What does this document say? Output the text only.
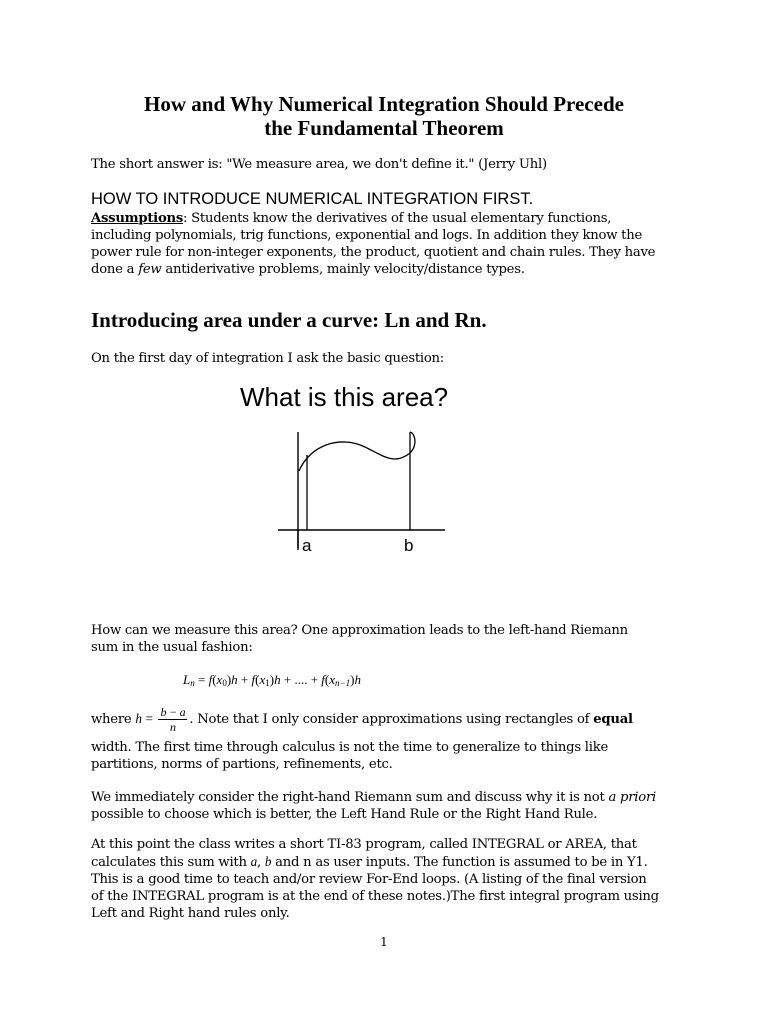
How and Why Numerical Integration Should Precede
the Fundamental Theorem
The short answer is: "We measure area, we don't define it." (Jerry Uhl)
HOW TO INTRODUCE NUMERICAL INTEGRATION FIRST.
Assumptions: Students know the derivatives of the usual elementary functions,
including polynomials, trig functions, exponential and logs. In addition they know the
power rule for non-integer exponents, the product, quotient and chain rules. They have
done a few antiderivative problems, mainly velocity/distance types.
Introducing area under a curve: Ln and Rn.
On the first day of integration I ask the basic question:
What is this area?
a	b
How can we measure this area? One approximation leads to the left-hand Riemann
sum in the usual fashion:
$L_n = f(x_0)h + f(x_1)h$ + .... + $f(x_{n-1})h$
where $h = \frac{b - a}{n}$ . Note that I only consider approximations using rectangles of equal
width. The first time through calculus is not the time to generalize to things like
partitions, norms of partions, refinements, etc.
We immediately consider the right-hand Riemann sum and discuss why it is not a priori
possible to choose which is better, the Left Hand Rule or the Right Hand Rule.
At this point the class writes a short TI-83 program, called INTEGRAL or AREA, that
calculates this sum with a, b and n as user inputs. The function is assumed to be in Y1.
This is a good time to teach and/or review For-End loops. (A listing of the final version
of the INTEGRAL program is at the end of these notes.)The first integral program using
Left and Right hand rules only.
1
